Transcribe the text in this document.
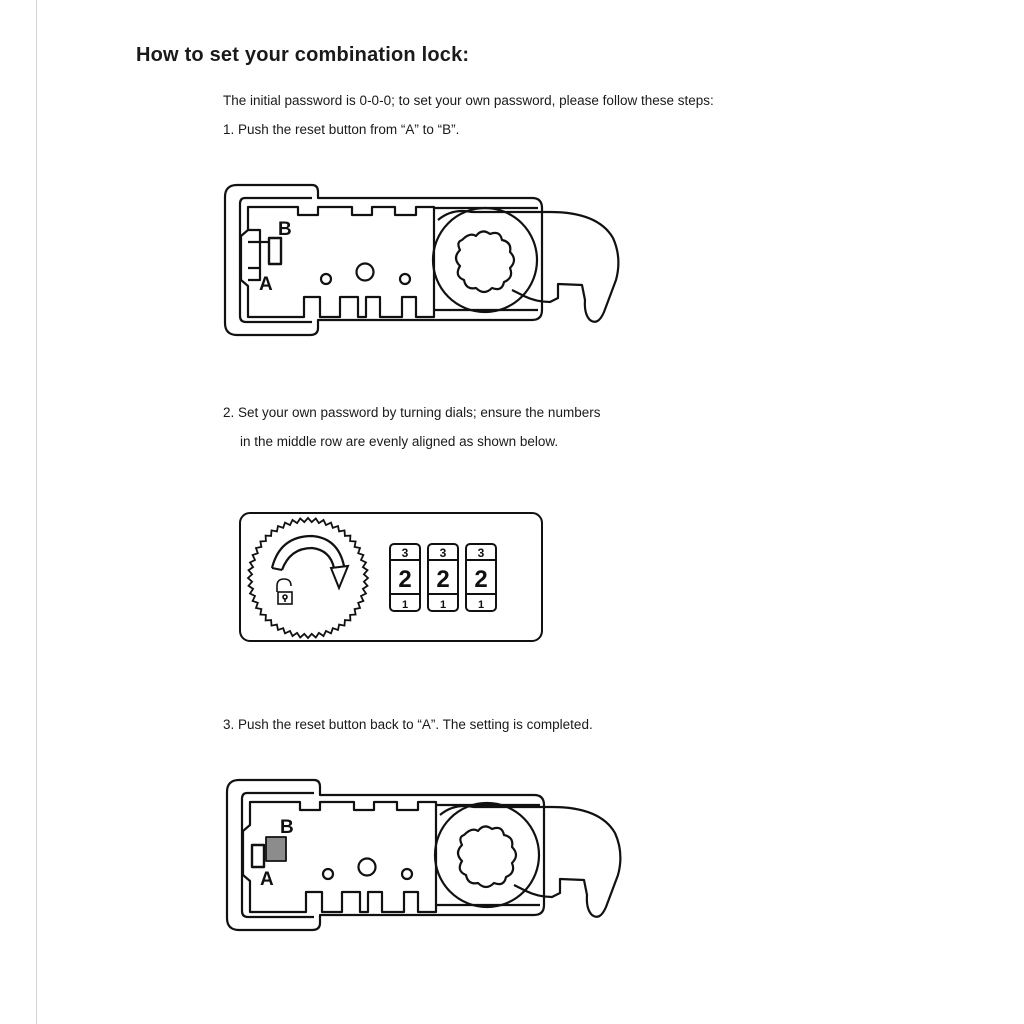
How to set your combination lock:
The initial password is 0-0-0; to set your own password, please follow these steps:
1. Push the reset button from “A” to “B”.
B
A
2. Set your own password by turning dials; ensure the numbers
in the middle row are evenly aligned as shown below.
3
2
1
3
2
1
3
2
1
3. Push the reset button back to “A”. The setting is completed.
B
A
